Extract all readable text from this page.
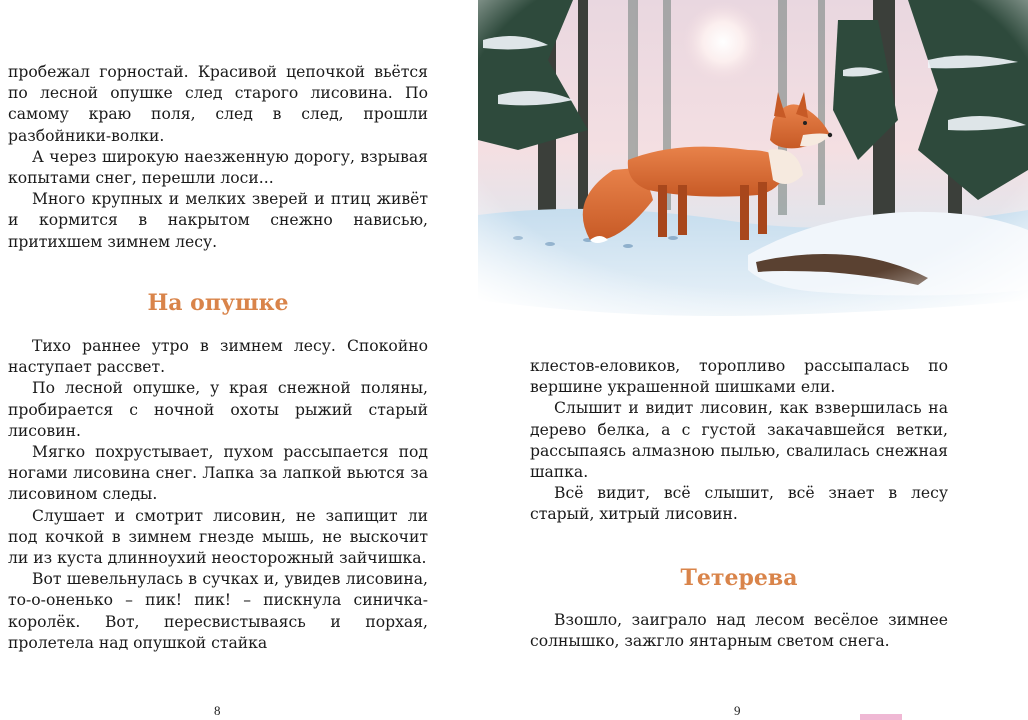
пробежал горностай. Красивой цепочкой вьётся по лесной опушке след старого лисовина. По самому краю поля, след в след, прошли разбойники-волки.

А через широкую наезженную дорогу, взрывая копытами снег, перешли лоси...

Много крупных и мелких зверей и птиц живёт и кормится в накрытом снежно нависью, притихшем зимнем лесу.

На опушке

Тихо раннее утро в зимнем лесу. Спокойно наступает рассвет.

По лесной опушке, у края снежной поляны, пробирается с ночной охоты рыжий старый лисовин.

Мягко похрустывает, пухом рассыпается под ногами лисовина снег. Лапка за лапкой вьются за лисовином следы.

Слушает и смотрит лисовин, не запищит ли под кочкой в зимнем гнезде мышь, не выскочит ли из куста длинноухий неосторожный зайчишка.

Вот шевельнулась в сучках и, увидев лисовина, то-о-оненько – пик! пик! – пискнула синичка-королёк. Вот, пересвистываясь и порхая, пролетела над опушкой стайка

8

клестов-еловиков, торопливо рассыпалась по вершине украшенной шишками ели.

Слышит и видит лисовин, как взвершилась на дерево белка, а с густой закачавшейся ветки, рассыпаясь алмазною пылью, свалилась снежная шапка.

Всё видит, всё слышит, всё знает в лесу старый, хитрый лисовин.

Тетерева

Взошло, заиграло над лесом весёлое зимнее солнышко, зажгло янтарным светом снега.

9
